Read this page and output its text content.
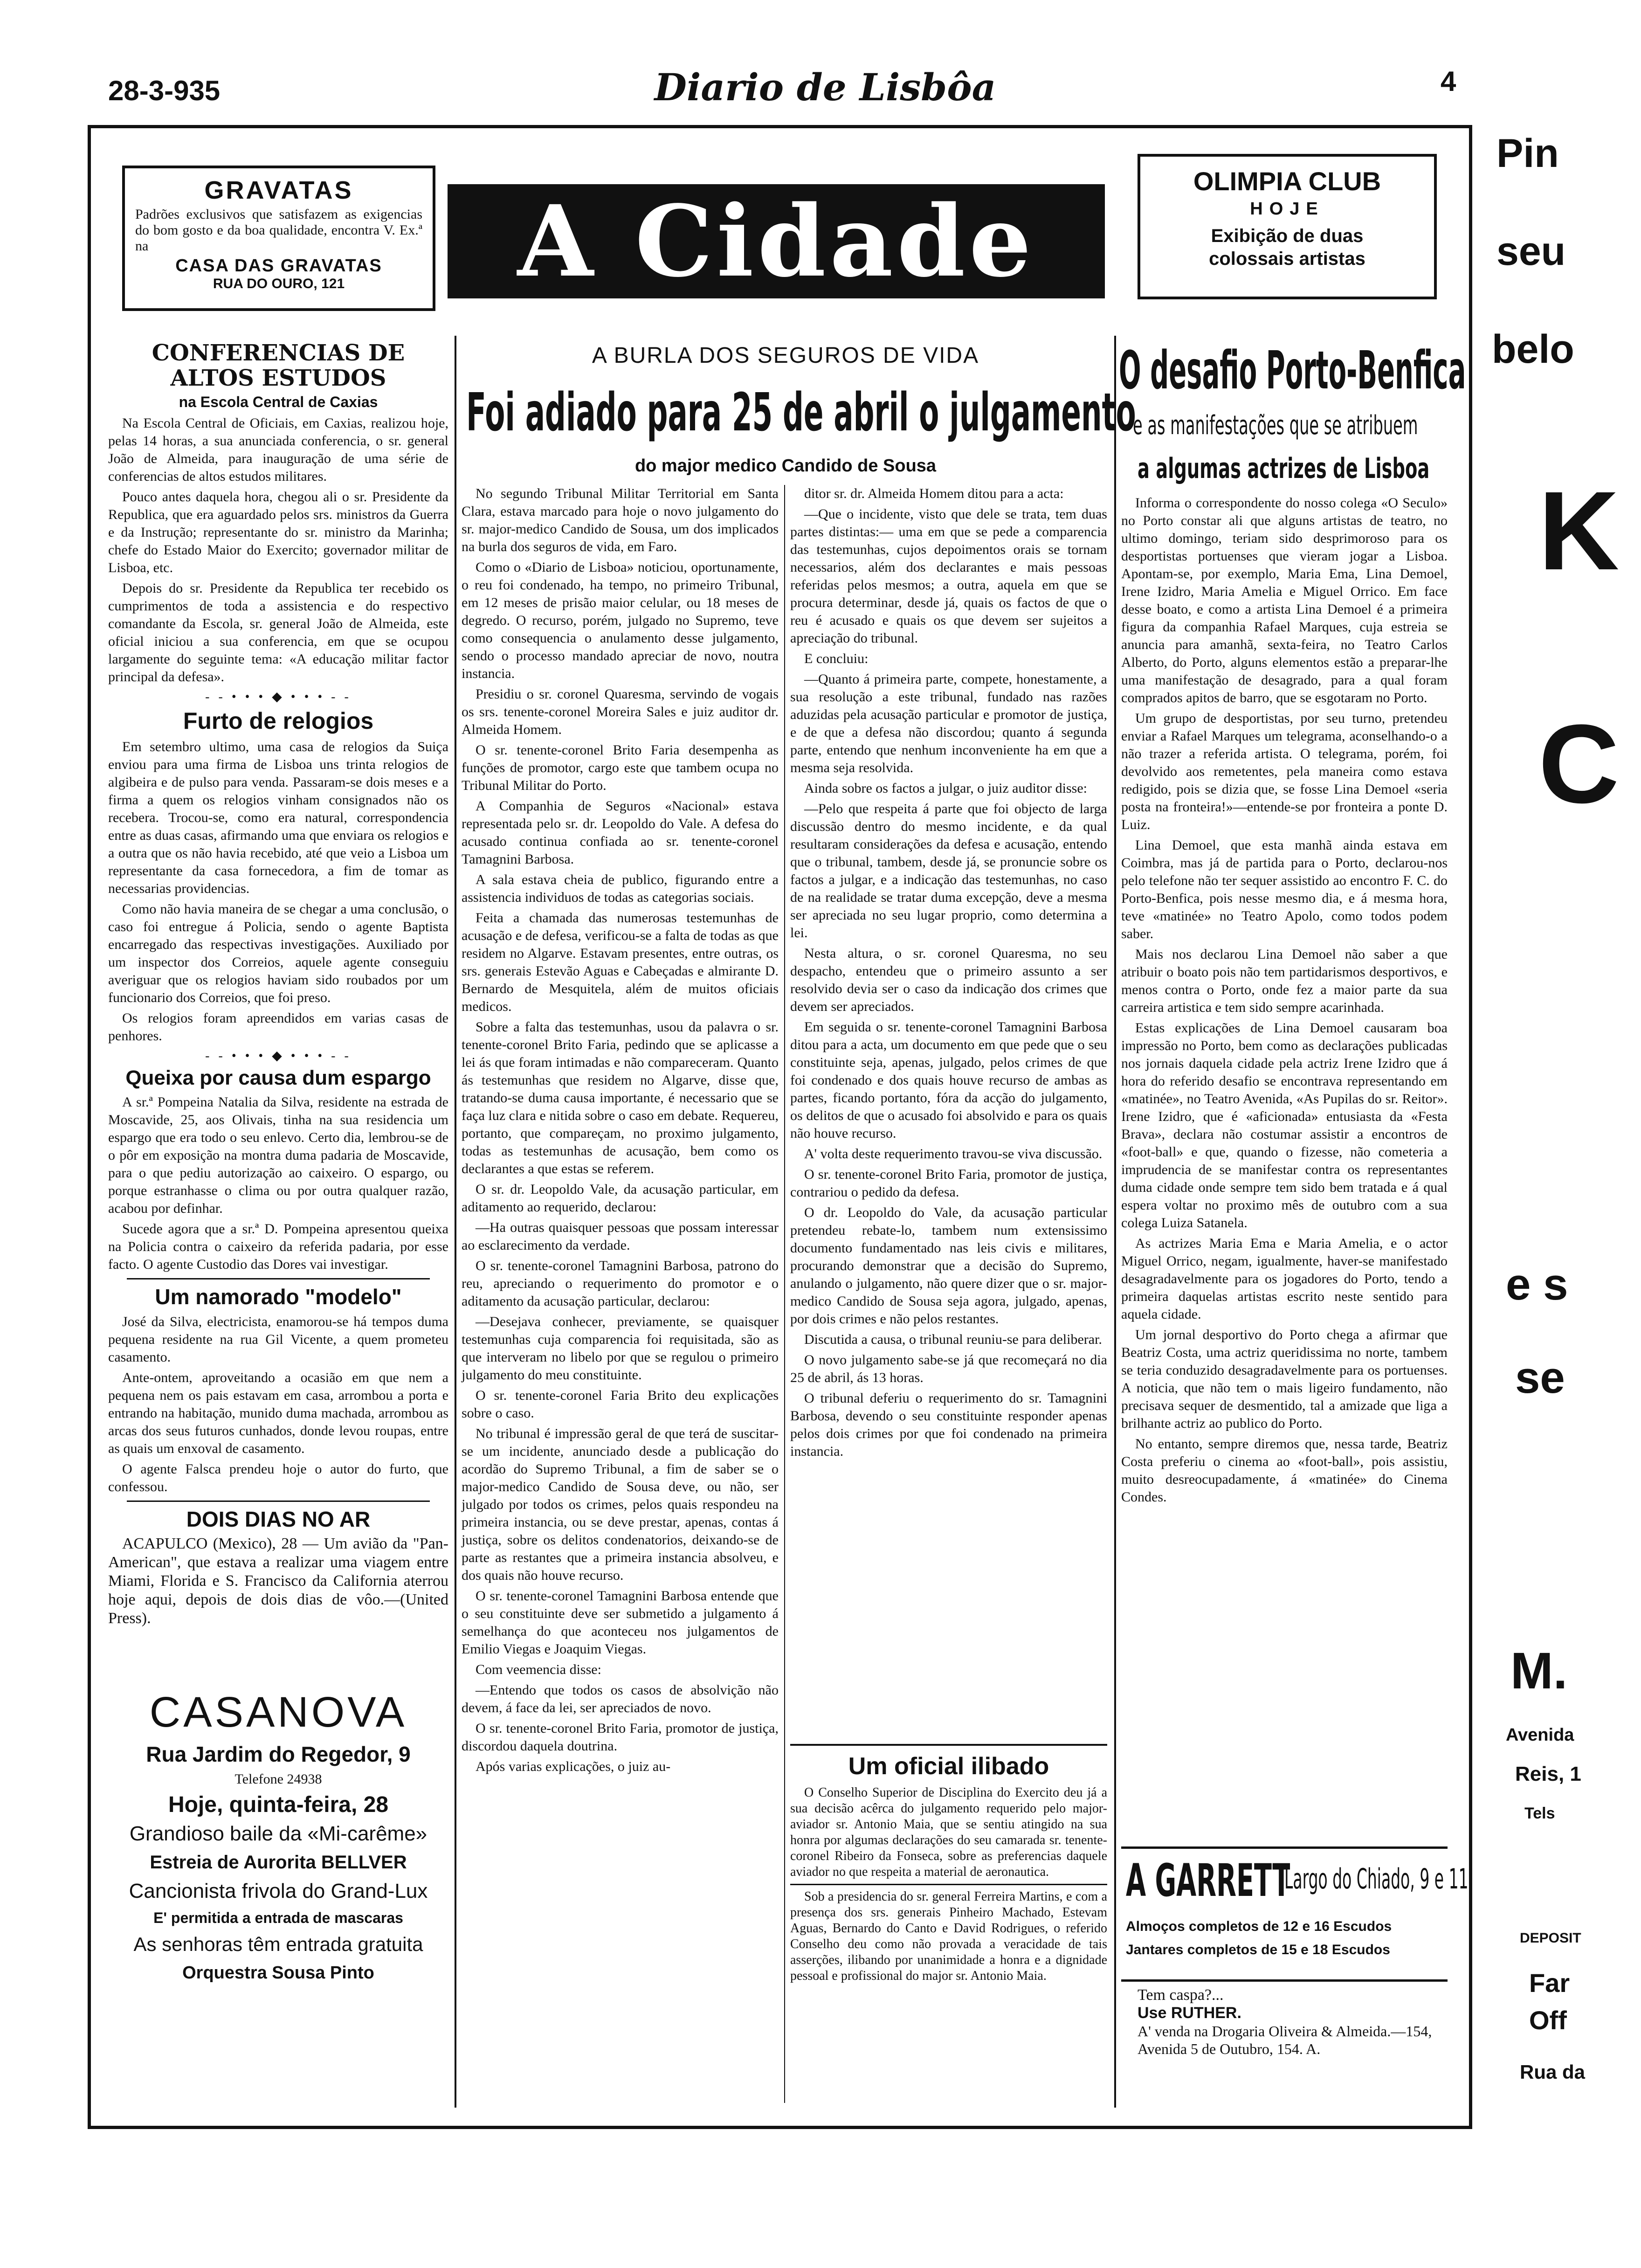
28-3-935	Diario de Lisbôa	4
GRAVATAS
Padrões exclusivos que satisfazem as exigencias do bom gosto e da boa qualidade, encontra V. Ex.ª na
CASA DAS GRAVATAS
RUA DO OURO, 121	A Cidade
OLIMPIA CLUB
HOJE
Exibição de duas
colossais artistas
CONFERENCIAS DE ALTOS ESTUDOS
na Escola Central de Caxias

Na Escola Central de Oficiais, em Caxias, realizou hoje, pelas 14 horas, a sua anunciada conferencia, o sr. general João de Almeida, para inauguração de uma série de conferencias de altos estudos militares.

Pouco antes daquela hora, chegou ali o sr. Presidente da Republica, que era aguardado pelos srs. ministros da Guerra e da Instrução; representante do sr. ministro da Marinha; chefe do Estado Maior do Exercito; governador militar de Lisboa, etc.

Depois do sr. Presidente da Republica ter recebido os cumprimentos de toda a assistencia e do respectivo comandante da Escola, sr. general João de Almeida, este oficial iniciou a sua conferencia, em que se ocupou largamente do seguinte tema: «A educação militar factor principal da defesa».

- - • • • ◆ • • • - -
Furto de relogios

Em setembro ultimo, uma casa de relogios da Suiça enviou para uma firma de Lisboa uns trinta relogios de algibeira e de pulso para venda. Passaram-se dois meses e a firma a quem os relogios vinham consignados não os recebera. Trocou-se, como era natural, correspondencia entre as duas casas, afirmando uma que enviara os relogios e a outra que os não havia recebido, até que veio a Lisboa um representante da casa fornecedora, a fim de tomar as necessarias providencias.

Como não havia maneira de se chegar a uma conclusão, o caso foi entregue á Policia, sendo o agente Baptista encarregado das respectivas investigações. Auxiliado por um inspector dos Correios, aquele agente conseguiu averiguar que os relogios haviam sido roubados por um funcionario dos Correios, que foi preso.

Os relogios foram apreendidos em varias casas de penhores.

- - • • • ◆ • • • - -
Queixa por causa dum espargo

A sr.ª Pompeina Natalia da Silva, residente na estrada de Moscavide, 25, aos Olivais, tinha na sua residencia um espargo que era todo o seu enlevo. Certo dia, lembrou-se de o pôr em exposição na montra duma padaria de Moscavide, para o que pediu autorização ao caixeiro. O espargo, ou porque estranhasse o clima ou por outra qualquer razão, acabou por definhar.

Sucede agora que a sr.ª D. Pompeina apresentou queixa na Policia contra o caixeiro da referida padaria, por esse facto. O agente Custodio das Dores vai investigar.

Um namorado "modelo"

José da Silva, electricista, enamorou-se há tempos duma pequena residente na rua Gil Vicente, a quem prometeu casamento.

Ante-ontem, aproveitando a ocasião em que nem a pequena nem os pais estavam em casa, arrombou a porta e entrando na habitação, munido duma machada, arrombou as arcas dos seus futuros cunhados, donde levou roupas, entre as quais um enxoval de casamento.

O agente Falsca prendeu hoje o autor do furto, que confessou.

DOIS DIAS NO AR

ACAPULCO (Mexico), 28 — Um avião da "Pan-American", que estava a realizar uma viagem entre Miami, Florida e S. Francisco da California aterrou hoje aqui, depois de dois dias de vôo.—(United Press).

CASANOVA
Rua Jardim do Regedor, 9
Telefone 24938
Hoje, quinta-feira, 28
Grandioso baile da «Mi-carême»
Estreia de Aurorita BELLVER
Cancionista frivola do Grand-Lux
E' permitida a entrada de mascaras
As senhoras têm entrada gratuita
Orquestra Sousa Pinto
A BURLA DOS SEGUROS DE VIDA
Foi adiado para 25 de abril o julgamento
do major medico Candido de Sousa

No segundo Tribunal Militar Territorial em Santa Clara, estava marcado para hoje o novo julgamento do sr. major-medico Candido de Sousa, um dos implicados na burla dos seguros de vida, em Faro.

Como o «Diario de Lisboa» noticiou, oportunamente, o reu foi condenado, ha tempo, no primeiro Tribunal, em 12 meses de prisão maior celular, ou 18 meses de degredo. O recurso, porém, julgado no Supremo, teve como consequencia o anulamento desse julgamento, sendo o processo mandado apreciar de novo, noutra instancia.

Presidiu o sr. coronel Quaresma, servindo de vogais os srs. tenente-coronel Moreira Sales e juiz auditor dr. Almeida Homem.

O sr. tenente-coronel Brito Faria desempenha as funções de promotor, cargo este que tambem ocupa no Tribunal Militar do Porto.

A Companhia de Seguros «Nacional» estava representada pelo sr. dr. Leopoldo do Vale. A defesa do acusado continua confiada ao sr. tenente-coronel Tamagnini Barbosa.

A sala estava cheia de publico, figurando entre a assistencia individuos de todas as categorias sociais.

Feita a chamada das numerosas testemunhas de acusação e de defesa, verificou-se a falta de todas as que residem no Algarve. Estavam presentes, entre outras, os srs. generais Estevão Aguas e Cabeçadas e almirante D. Bernardo de Mesquitela, além de muitos oficiais medicos.

Sobre a falta das testemunhas, usou da palavra o sr. tenente-coronel Brito Faria, pedindo que se aplicasse a lei ás que foram intimadas e não compareceram. Quanto ás testemunhas que residem no Algarve, disse que, tratando-se duma causa importante, é necessario que se faça luz clara e nitida sobre o caso em debate. Requereu, portanto, que compareçam, no proximo julgamento, todas as testemunhas de acusação, bem como os declarantes a que estas se referem.

O sr. dr. Leopoldo Vale, da acusação particular, em aditamento ao requerido, declarou:

—Ha outras quaisquer pessoas que possam interessar ao esclarecimento da verdade.

O sr. tenente-coronel Tamagnini Barbosa, patrono do reu, apreciando o requerimento do promotor e o aditamento da acusação particular, declarou:

—Desejava conhecer, previamente, se quaisquer testemunhas cuja comparencia foi requisitada, são as que interveram no libelo por que se regulou o primeiro julgamento do meu constituinte.

O sr. tenente-coronel Faria Brito deu explicações sobre o caso.

No tribunal é impressão geral de que terá de suscitar-se um incidente, anunciado desde a publicação do acordão do Supremo Tribunal, a fim de saber se o major-medico Candido de Sousa deve, ou não, ser julgado por todos os crimes, pelos quais respondeu na primeira instancia, ou se deve prestar, apenas, contas á justiça, sobre os delitos condenatorios, deixando-se de parte as restantes que a primeira instancia absolveu, e dos quais não houve recurso.

O sr. tenente-coronel Tamagnini Barbosa entende que o seu constituinte deve ser submetido a julgamento á semelhança do que aconteceu nos julgamentos de Emilio Viegas e Joaquim Viegas.

Com veemencia disse:

—Entendo que todos os casos de absolvição não devem, á face da lei, ser apreciados de novo.

O sr. tenente-coronel Brito Faria, promotor de justiça, discordou daquela doutrina.

Após varias explicações, o juiz au-

ditor sr. dr. Almeida Homem ditou para a acta:

—Que o incidente, visto que dele se trata, tem duas partes distintas:— uma em que se pede a comparencia das testemunhas, cujos depoimentos orais se tornam necessarios, além dos declarantes e mais pessoas referidas pelos mesmos; a outra, aquela em que se procura determinar, desde já, quais os factos de que o reu é acusado e quais os que devem ser sujeitos a apreciação do tribunal.

E concluiu:

—Quanto á primeira parte, compete, honestamente, a sua resolução a este tribunal, fundado nas razões aduzidas pela acusação particular e promotor de justiça, e de que a defesa não discordou; quanto á segunda parte, entendo que nenhum inconveniente ha em que a mesma seja resolvida.

Ainda sobre os factos a julgar, o juiz auditor disse:

—Pelo que respeita á parte que foi objecto de larga discussão dentro do mesmo incidente, e da qual resultaram considerações da defesa e acusação, entendo que o tribunal, tambem, desde já, se pronuncie sobre os factos a julgar, e a indicação das testemunhas, no caso de na realidade se tratar duma excepção, deve a mesma ser apreciada no seu lugar proprio, como determina a lei.

Nesta altura, o sr. coronel Quaresma, no seu despacho, entendeu que o primeiro assunto a ser resolvido devia ser o caso da indicação dos crimes que devem ser apreciados.

Em seguida o sr. tenente-coronel Tamagnini Barbosa ditou para a acta, um documento em que pede que o seu constituinte seja, apenas, julgado, pelos crimes de que foi condenado e dos quais houve recurso de ambas as partes, ficando portanto, fóra da acção do julgamento, os delitos de que o acusado foi absolvido e para os quais não houve recurso.

A' volta deste requerimento travou-se viva discussão.

O sr. tenente-coronel Brito Faria, promotor de justiça, contrariou o pedido da defesa.

O dr. Leopoldo do Vale, da acusação particular pretendeu rebate-lo, tambem num extensissimo documento fundamentado nas leis civis e militares, procurando demonstrar que a decisão do Supremo, anulando o julgamento, não quere dizer que o sr. major-medico Candido de Sousa seja agora, julgado, apenas, por dois crimes e não pelos restantes.

Discutida a causa, o tribunal reuniu-se para deliberar.

O novo julgamento sabe-se já que recomeçará no dia 25 de abril, ás 13 horas.

O tribunal deferiu o requerimento do sr. Tamagnini Barbosa, devendo o seu constituinte responder apenas pelos dois crimes por que foi condenado na primeira instancia.

Um oficial ilibado

O Conselho Superior de Disciplina do Exercito deu já a sua decisão acêrca do julgamento requerido pelo major-aviador sr. Antonio Maia, que se sentiu atingido na sua honra por algumas declarações do seu camarada sr. tenente-coronel Ribeiro da Fonseca, sobre as preferencias daquele aviador no que respeita a material de aeronautica.

Sob a presidencia do sr. general Ferreira Martins, e com a presença dos srs. generais Pinheiro Machado, Estevam Aguas, Bernardo do Canto e David Rodrigues, o referido Conselho deu como não provada a veracidade de tais asserções, ilibando por unanimidade a honra e a dignidade pessoal e profissional do major sr. Antonio Maia.

O desafio Porto-Benfica
e as manifestações que se atribuem
a algumas actrizes de Lisboa

Informa o correspondente do nosso colega «O Seculo» no Porto constar ali que alguns artistas de teatro, no ultimo domingo, teriam sido desprimoroso para os desportistas portuenses que vieram jogar a Lisboa. Apontam-se, por exemplo, Maria Ema, Lina Demoel, Irene Izidro, Maria Amelia e Miguel Orrico. Em face desse boato, e como a artista Lina Demoel é a primeira figura da companhia Rafael Marques, cuja estreia se anuncia para amanhã, sexta-feira, no Teatro Carlos Alberto, do Porto, alguns elementos estão a preparar-lhe uma manifestação de desagrado, para a qual foram comprados apitos de barro, que se esgotaram no Porto.

Um grupo de desportistas, por seu turno, pretendeu enviar a Rafael Marques um telegrama, aconselhando-o a não trazer a referida artista. O telegrama, porém, foi devolvido aos remetentes, pela maneira como estava redigido, pois se dizia que, se fosse Lina Demoel «seria posta na fronteira!»—entende-se por fronteira a ponte D. Luiz.

Lina Demoel, que esta manhã ainda estava em Coimbra, mas já de partida para o Porto, declarou-nos pelo telefone não ter sequer assistido ao encontro F. C. do Porto-Benfica, pois nesse mesmo dia, e á mesma hora, teve «matinée» no Teatro Apolo, como todos podem saber.

Mais nos declarou Lina Demoel não saber a que atribuir o boato pois não tem partidarismos desportivos, e menos contra o Porto, onde fez a maior parte da sua carreira artistica e tem sido sempre acarinhada.

Estas explicações de Lina Demoel causaram boa impressão no Porto, bem como as declarações publicadas nos jornais daquela cidade pela actriz Irene Izidro que á hora do referido desafio se encontrava representando em «matinée», no Teatro Avenida, «As Pupilas do sr. Reitor». Irene Izidro, que é «aficionada» entusiasta da «Festa Brava», declara não costumar assistir a encontros de «foot-ball» e que, quando o fizesse, não cometeria a imprudencia de se manifestar contra os representantes duma cidade onde sempre tem sido bem tratada e á qual espera voltar no proximo mês de outubro com a sua colega Luiza Satanela.

As actrizes Maria Ema e Maria Amelia, e o actor Miguel Orrico, negam, igualmente, haver-se manifestado desagradavelmente para os jogadores do Porto, tendo a primeira daquelas artistas escrito neste sentido para aquela cidade.

Um jornal desportivo do Porto chega a afirmar que Beatriz Costa, uma actriz queridissima no norte, tambem se teria conduzido desagradavelmente para os portuenses. A noticia, que não tem o mais ligeiro fundamento, não precisava sequer de desmentido, tal a amizade que liga a brilhante actriz ao publico do Porto.

No entanto, sempre diremos que, nessa tarde, Beatriz Costa preferiu o cinema ao «foot-ball», pois assistiu, muito desreocupadamente, á «matinée» do Cinema Condes.

A GARRETT
Largo do Chiado, 9 e 11
Almoços completos de 12 e 16 Escudos
Jantares completos de 15 e 18 Escudos
Tem caspa?...
Use RUTHER.
A' venda na Drogaria Oliveira & Almeida.—154, Avenida 5 de Outubro, 154. A.
Pin
seu
belo
K
C
e s
se
M.
Avenida
Reis, 1
Tels
DEPOSIT
Far
Off
Rua da
